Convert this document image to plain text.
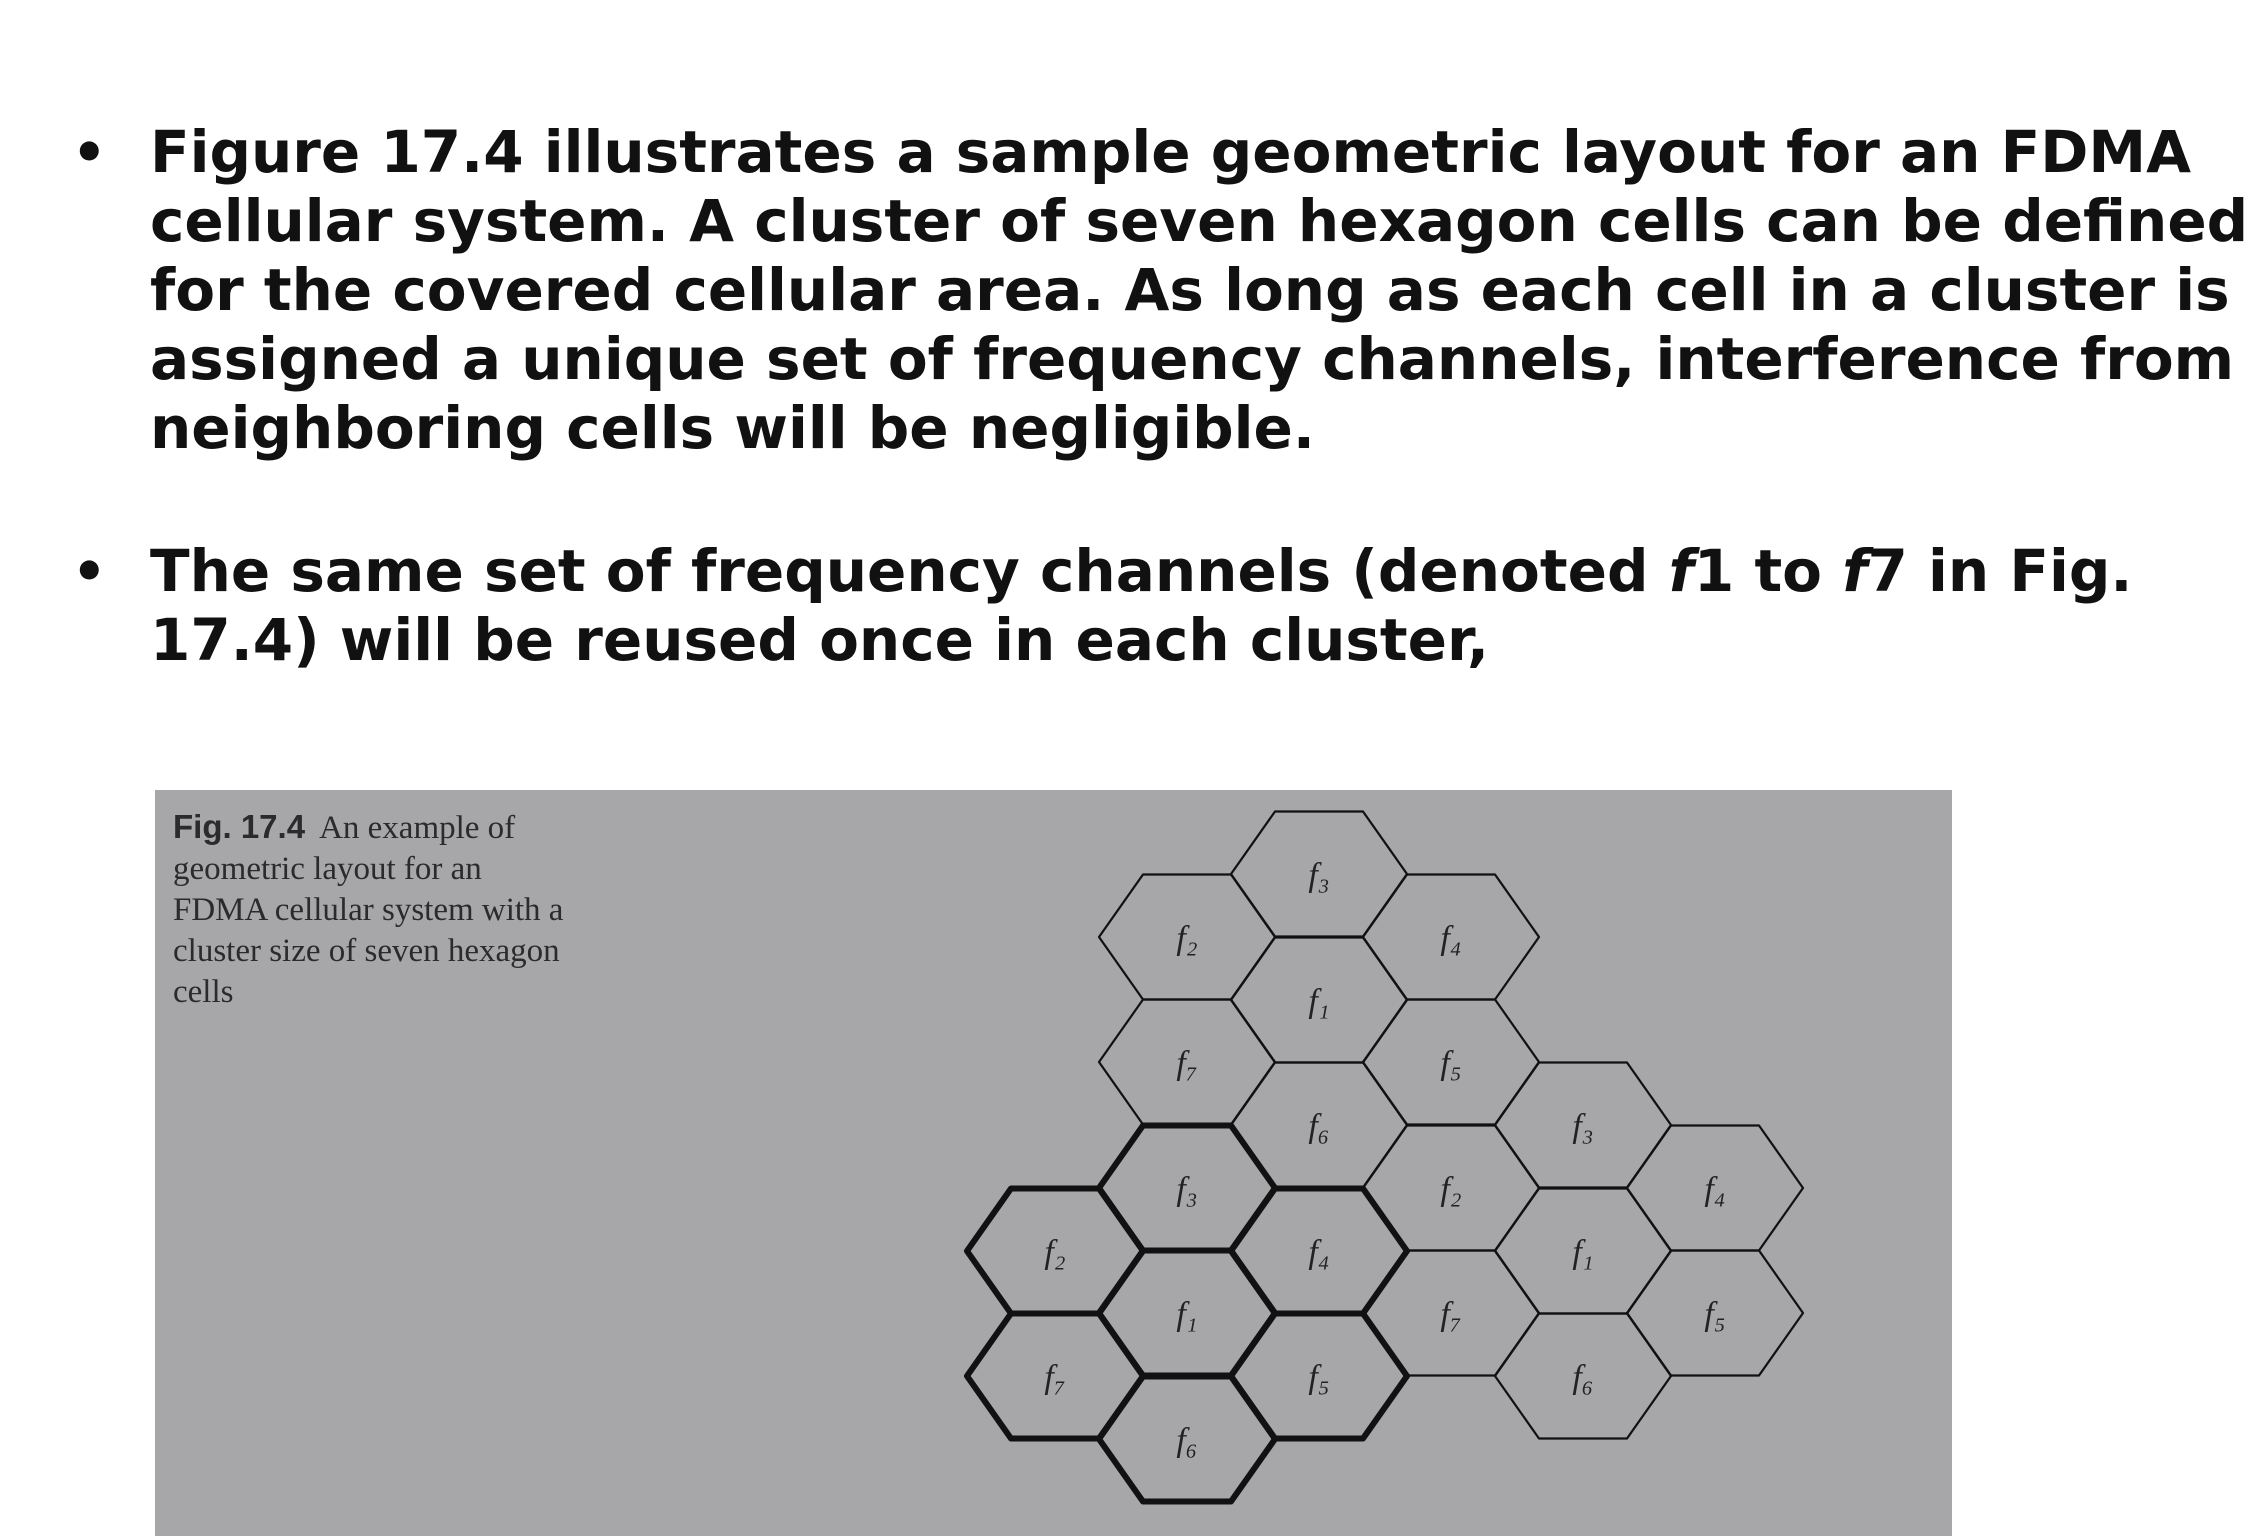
• Figure 17.4 illustrates a sample geometric layout for an FDMA
cellular system. A cluster of seven hexagon cells can be defined
for the covered cellular area. As long as each cell in a cluster is
assigned a unique set of frequency channels, interference from
neighboring cells will be negligible.
• The same set of frequency channels (denoted f1 to f7 in Fig.
17.4) will be reused once in each cluster,
Fig. 17.4 An example of
geometric layout for an
FDMA cellular system with a
cluster size of seven hexagon
cells
f₃
f₂	f₄
f₁
f₇	f₅
f₆	f₃
f₂	f₄
f₁
f₇	f₅
f₆
f₃
f₂	f₄
f₁
f₇	f₅
f₆
